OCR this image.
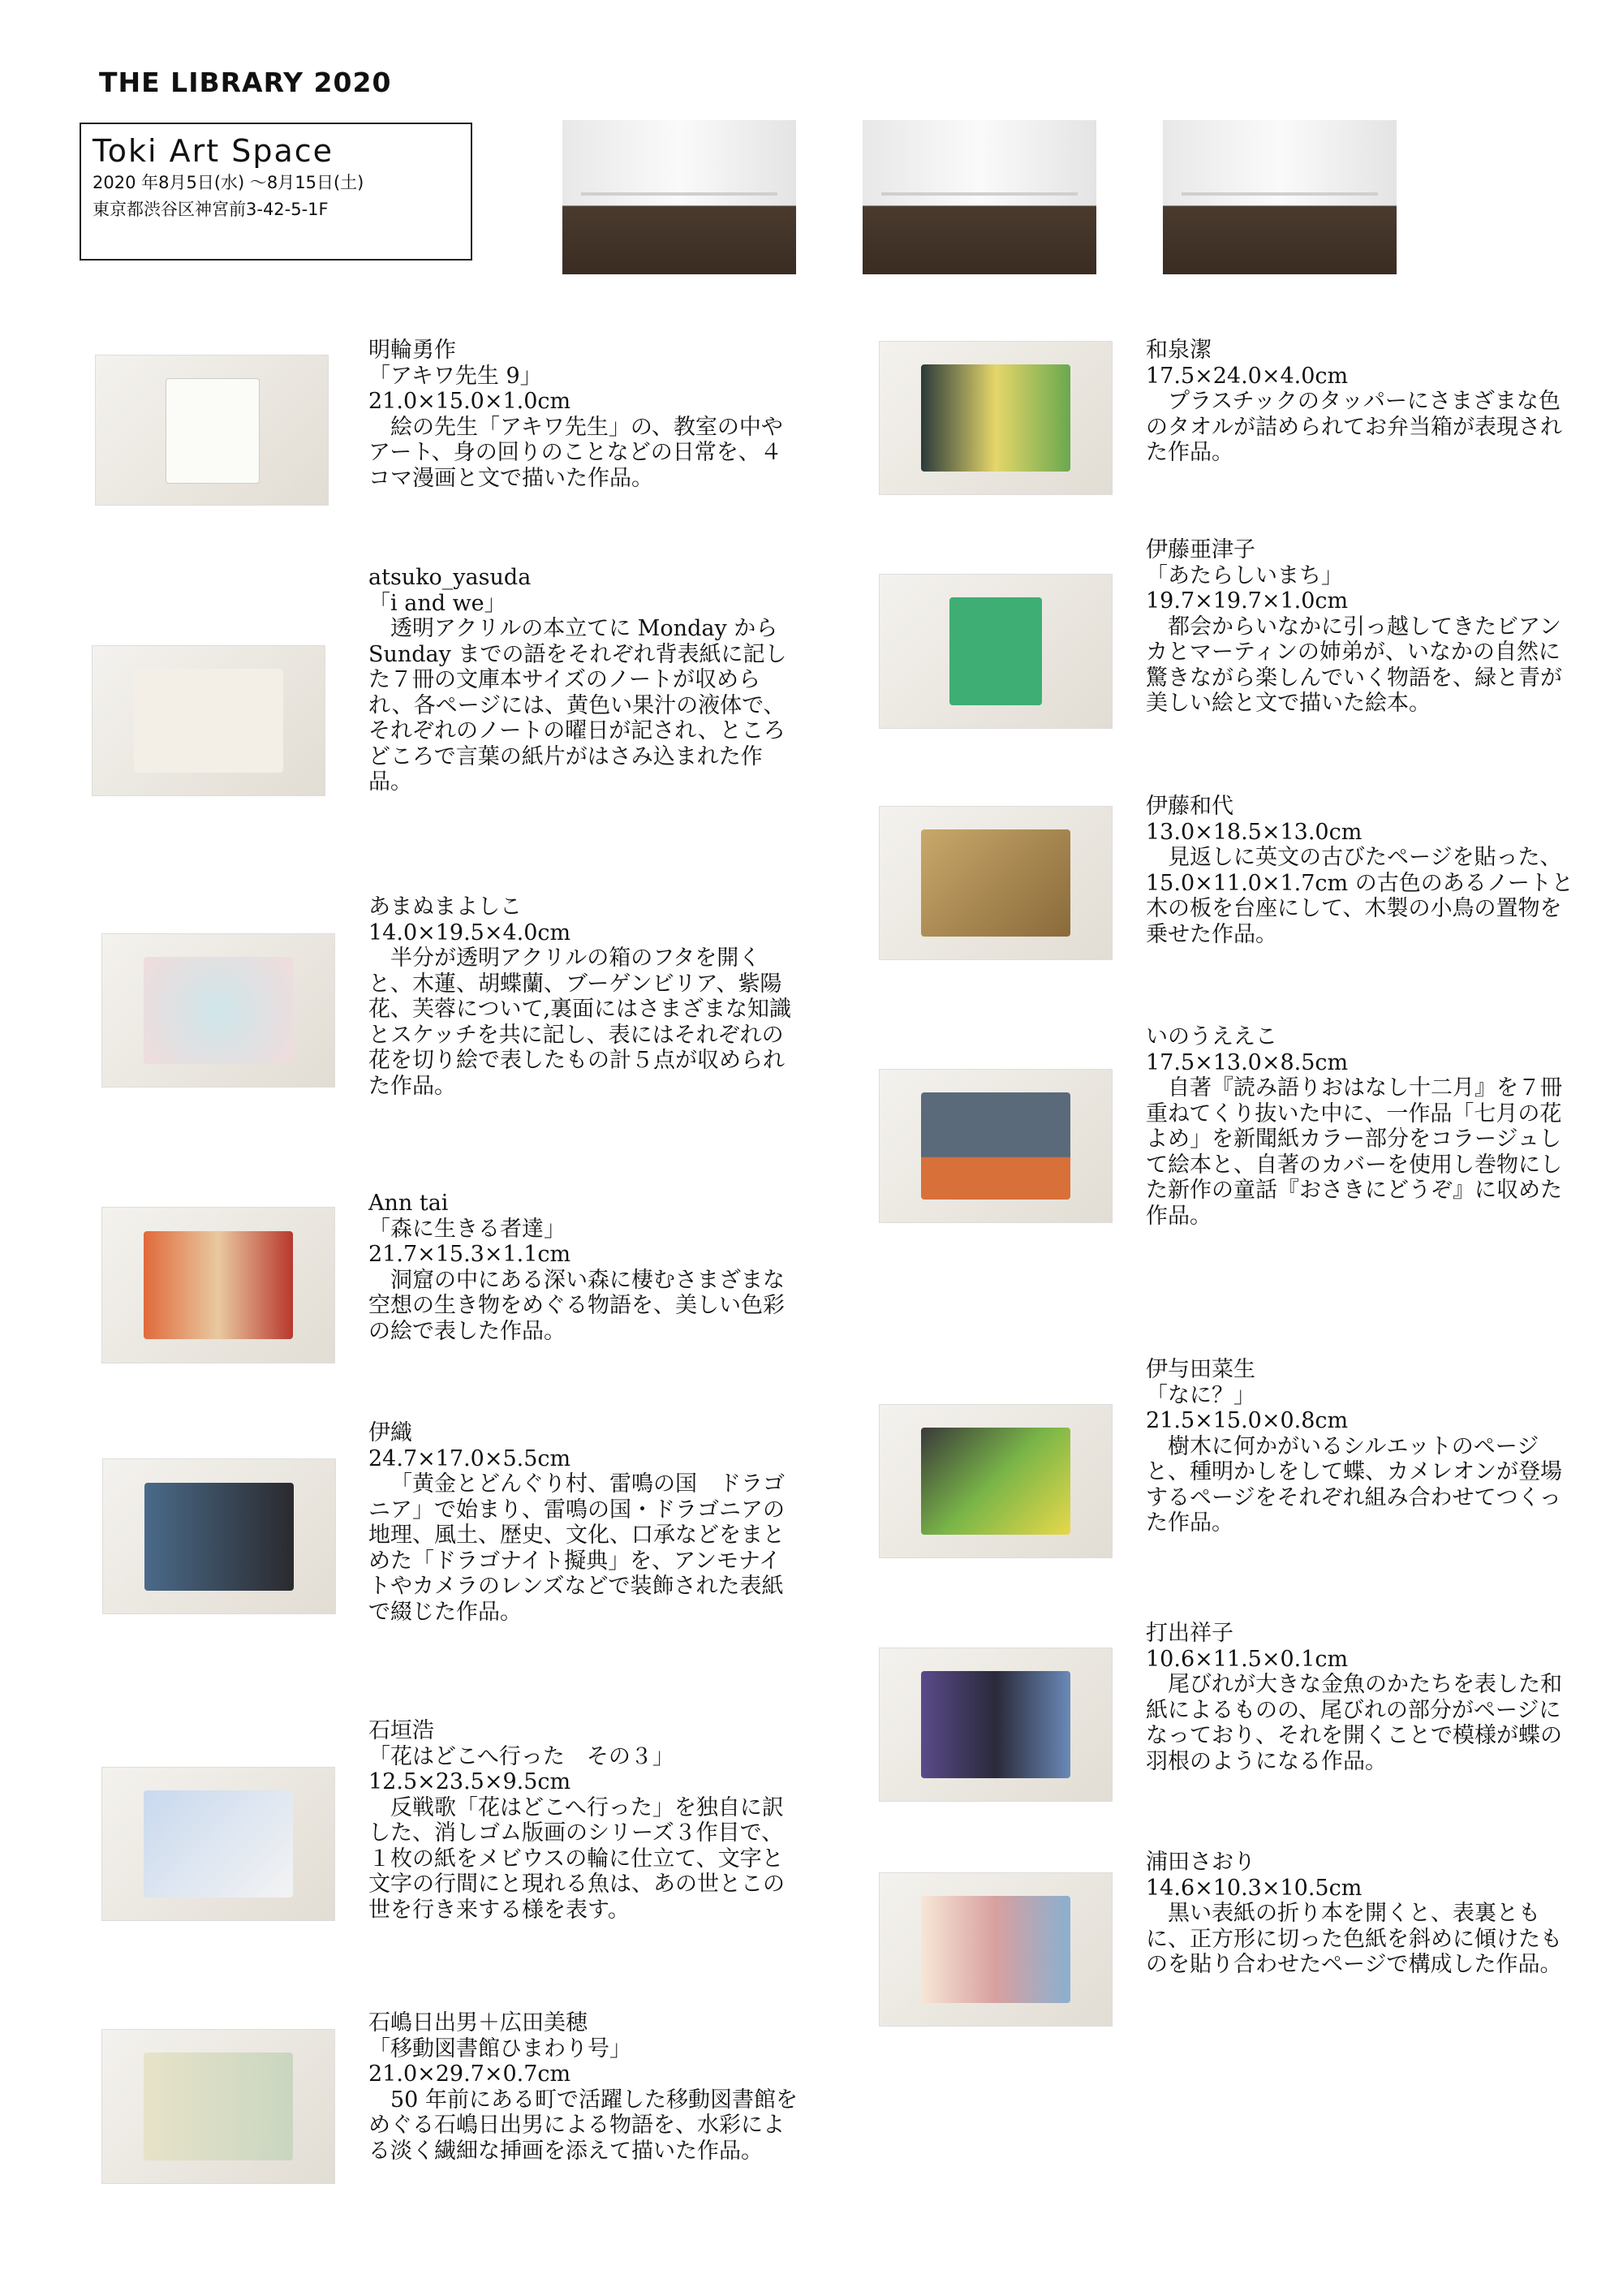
THE LIBRARY 2020
Toki Art Space
2020 年8月5日(水) ～8月15日(土)
東京都渋谷区神宮前3-42-5-1F
明輪勇作
「アキワ先生 9」
21.0×15.0×1.0cm
絵の先生「アキワ先生」の、教室の中やアート、身の回りのことなどの日常を、４コマ漫画と文で描いた作品。
atsuko_yasuda
「i and we」
透明アクリルの本立てに Monday から Sunday までの語をそれぞれ背表紙に記した７冊の文庫本サイズのノートが収められ、各ページには、黄色い果汁の液体で、それぞれのノートの曜日が記され、ところどころで言葉の紙片がはさみ込まれた作品。
あまぬまよしこ
14.0×19.5×4.0cm
半分が透明アクリルの箱のフタを開くと、木蓮、胡蝶蘭、ブーゲンビリア、紫陽花、芙蓉について,裏面にはさまざまな知識とスケッチを共に記し、表にはそれぞれの花を切り絵で表したもの計５点が収められた作品。
Ann tai
「森に生きる者達」
21.7×15.3×1.1cm
洞窟の中にある深い森に棲むさまざまな空想の生き物をめぐる物語を、美しい色彩の絵で表した作品。
伊織
24.7×17.0×5.5cm
「黄金とどんぐり村、雷鳴の国　ドラゴニア」で始まり、雷鳴の国・ドラゴニアの地理、風土、歴史、文化、口承などをまとめた「ドラゴナイト擬典」を、アンモナイトやカメラのレンズなどで装飾された表紙で綴じた作品。
石垣浩
「花はどこへ行った　その３」
12.5×23.5×9.5cm
反戦歌「花はどこへ行った」を独自に訳した、消しゴム版画のシリーズ３作目で、１枚の紙をメビウスの輪に仕立て、文字と文字の行間にと現れる魚は、あの世とこの世を行き来する様を表す。
石嶋日出男＋広田美穂
「移動図書館ひまわり号」
21.0×29.7×0.7cm
50 年前にある町で活躍した移動図書館をめぐる石嶋日出男による物語を、水彩による淡く繊細な挿画を添えて描いた作品。
和泉潔
17.5×24.0×4.0cm
プラスチックのタッパーにさまざまな色のタオルが詰められてお弁当箱が表現された作品。
伊藤亜津子
「あたらしいまち」
19.7×19.7×1.0cm
都会からいなかに引っ越してきたビアンカとマーティンの姉弟が、いなかの自然に驚きながら楽しんでいく物語を、緑と青が美しい絵と文で描いた絵本。
伊藤和代
13.0×18.5×13.0cm
見返しに英文の古びたページを貼った、15.0×11.0×1.7cm の古色のあるノートと木の板を台座にして、木製の小鳥の置物を乗せた作品。
いのうええこ
17.5×13.0×8.5cm
自著『読み語りおはなし十二月』を７冊重ねてくり抜いた中に、一作品「七月の花よめ」を新聞紙カラー部分をコラージュして絵本と、自著のカバーを使用し巻物にした新作の童話『おさきにどうぞ』に収めた作品。
伊与田菜生
「なに？」
21.5×15.0×0.8cm
樹木に何かがいるシルエットのページと、種明かしをして蝶、カメレオンが登場するページをそれぞれ組み合わせてつくった作品。
打出祥子
10.6×11.5×0.1cm
尾びれが大きな金魚のかたちを表した和紙によるものの、尾びれの部分がページになっており、それを開くことで模様が蝶の羽根のようになる作品。
浦田さおり
14.6×10.3×10.5cm
黒い表紙の折り本を開くと、表裏ともに、正方形に切った色紙を斜めに傾けたものを貼り合わせたページで構成した作品。
